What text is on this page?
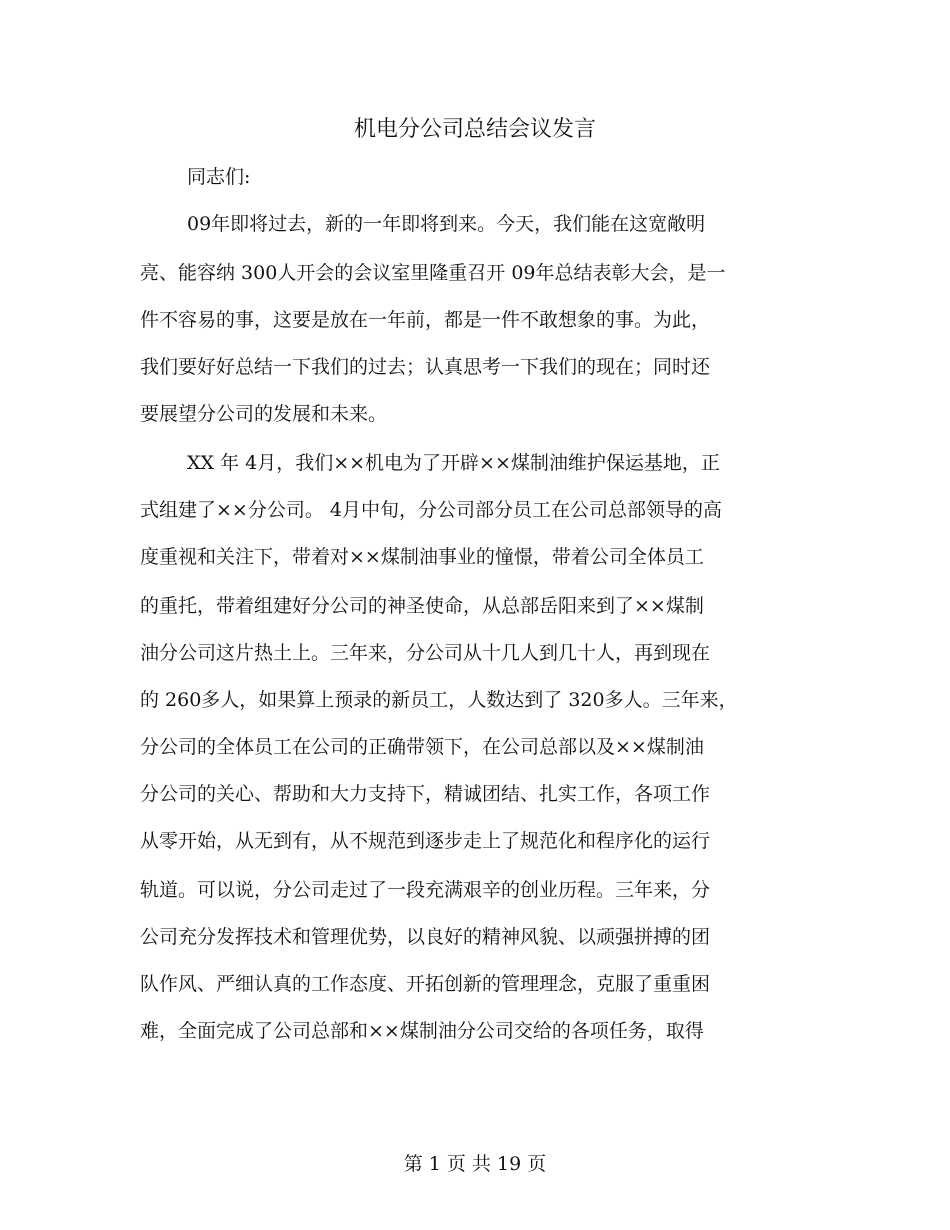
机电分公司总结会议发言
同志们:
09年即将过去，新的一年即将到来。今天，我们能在这宽敞明
亮、能容纳 300人开会的会议室里隆重召开 09年总结表彰大会，是一
件不容易的事，这要是放在一年前，都是一件不敢想象的事。为此，
我们要好好总结一下我们的过去；认真思考一下我们的现在；同时还
要展望分公司的发展和未来。
XX 年 4月，我们××机电为了开辟××煤制油维护保运基地，正
式组建了××分公司。 4月中旬，分公司部分员工在公司总部领导的高
度重视和关注下，带着对××煤制油事业的憧憬，带着公司全体员工
的重托，带着组建好分公司的神圣使命，从总部岳阳来到了××煤制
油分公司这片热土上。三年来，分公司从十几人到几十人，再到现在
的 260多人，如果算上预录的新员工，人数达到了 320多人。三年来，
分公司的全体员工在公司的正确带领下，在公司总部以及××煤制油
分公司的关心、帮助和大力支持下，精诚团结、扎实工作，各项工作
从零开始，从无到有，从不规范到逐步走上了规范化和程序化的运行
轨道。可以说，分公司走过了一段充满艰辛的创业历程。三年来，分
公司充分发挥技术和管理优势，以良好的精神风貌、以顽强拼搏的团
队作风、严细认真的工作态度、开拓创新的管理理念，克服了重重困
难，全面完成了公司总部和××煤制油分公司交给的各项任务，取得
第 1 页 共 19 页
